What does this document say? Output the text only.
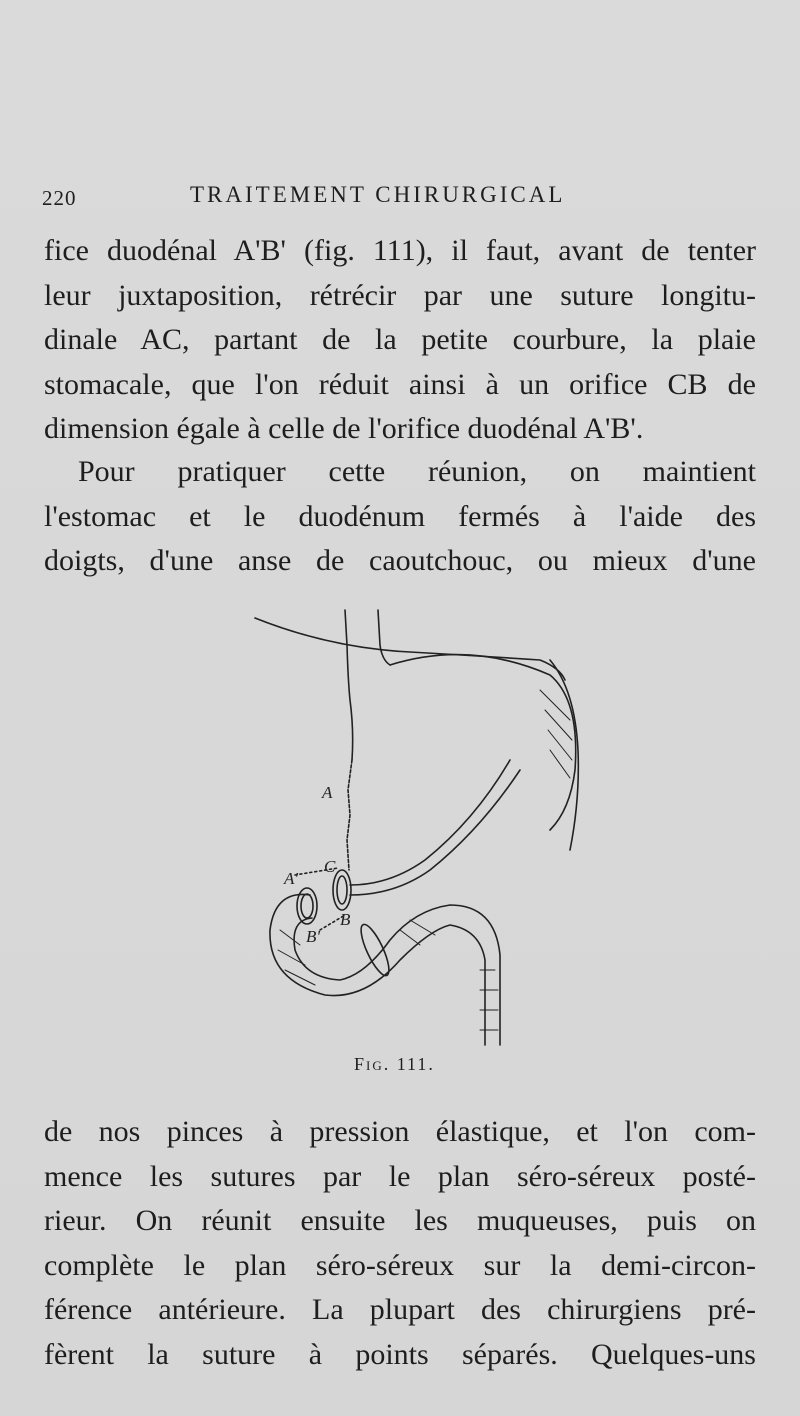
220	TRAITEMENT CHIRURGICAL
fice duodénal A'B' (fig. 111), il faut, avant de tenter
leur juxtaposition, rétrécir par une suture longitu-
dinale AC, partant de la petite courbure, la plaie
stomacale, que l'on réduit ainsi à un orifice CB de
dimension égale à celle de l'orifice duodénal A'B'.
Pour pratiquer cette réunion, on maintient
l'estomac et le duodénum fermés à l'aide des
doigts, d'une anse de caoutchouc, ou mieux d'une
A
C
A'
B
B'
Fig. 111.
de nos pinces à pression élastique, et l'on com-
mence les sutures par le plan séro-séreux posté-
rieur. On réunit ensuite les muqueuses, puis on
complète le plan séro-séreux sur la demi-circon-
férence antérieure. La plupart des chirurgiens pré-
fèrent la suture à points séparés. Quelques-uns
